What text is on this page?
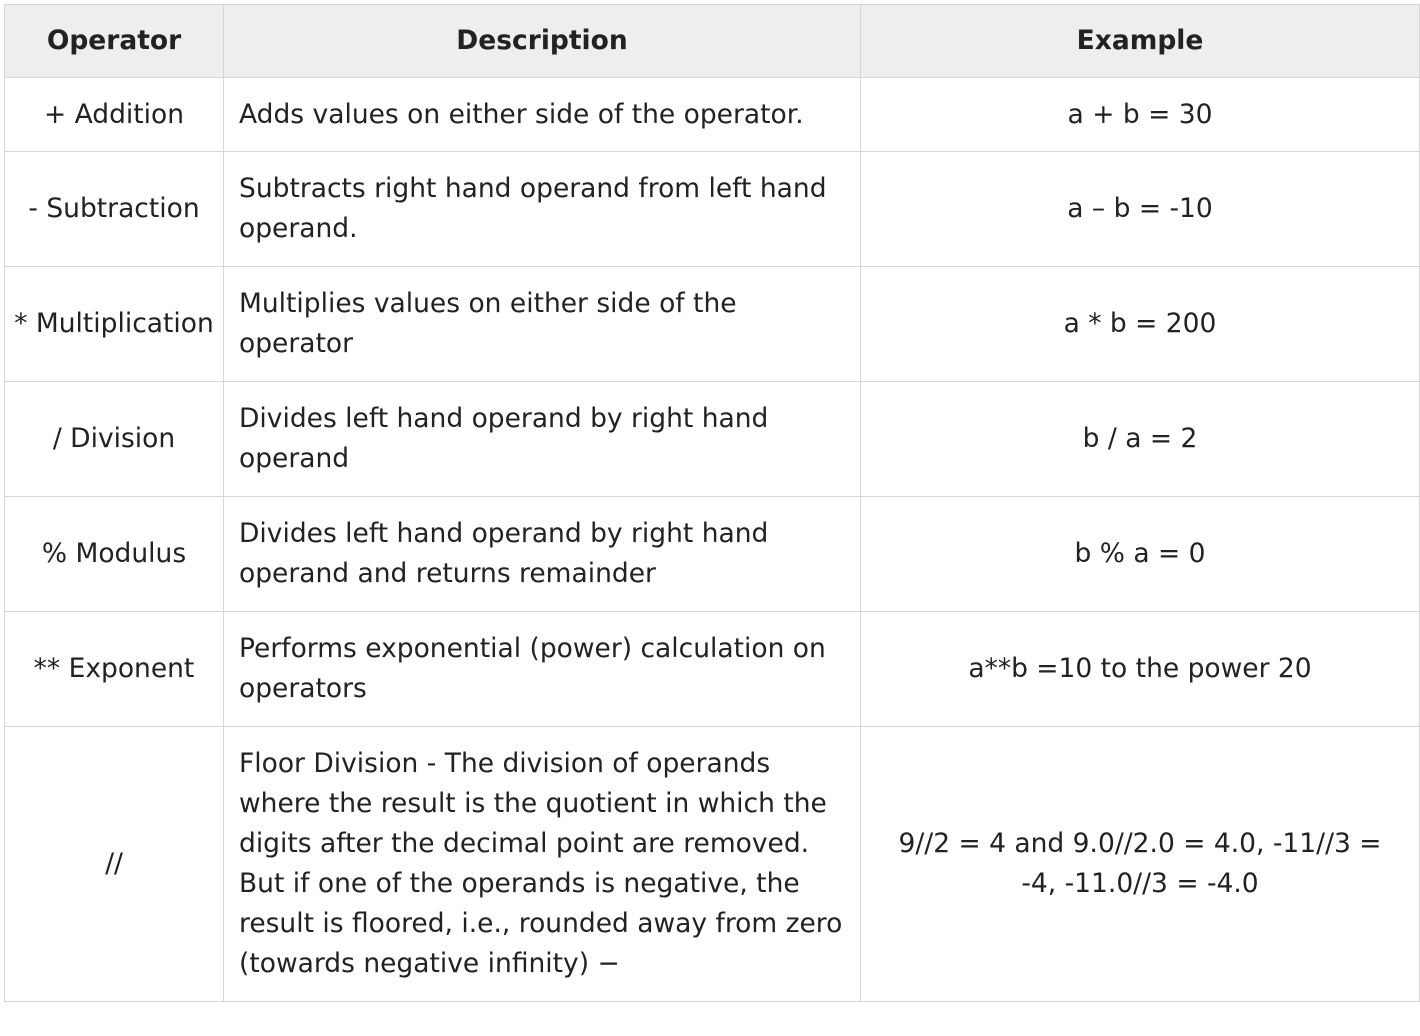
Operator	Description	Example
+ Addition	Adds values on either side of the operator.	a + b = 30
- Subtraction	Subtracts right hand operand from left hand operand.	a – b = -10
* Multiplication	Multiplies values on either side of the operator	a * b = 200
/ Division	Divides left hand operand by right hand operand	b / a = 2
% Modulus	Divides left hand operand by right hand operand and returns remainder	b % a = 0
** Exponent	Performs exponential (power) calculation on operators	a**b =10 to the power 20
//	Floor Division - The division of operands where the result is the quotient in which the digits after the decimal point are removed. But if one of the operands is negative, the result is floored, i.e., rounded away from zero (towards negative infinity) −	9//2 = 4 and 9.0//2.0 = 4.0, -11//3 = -4, -11.0//3 = -4.0
